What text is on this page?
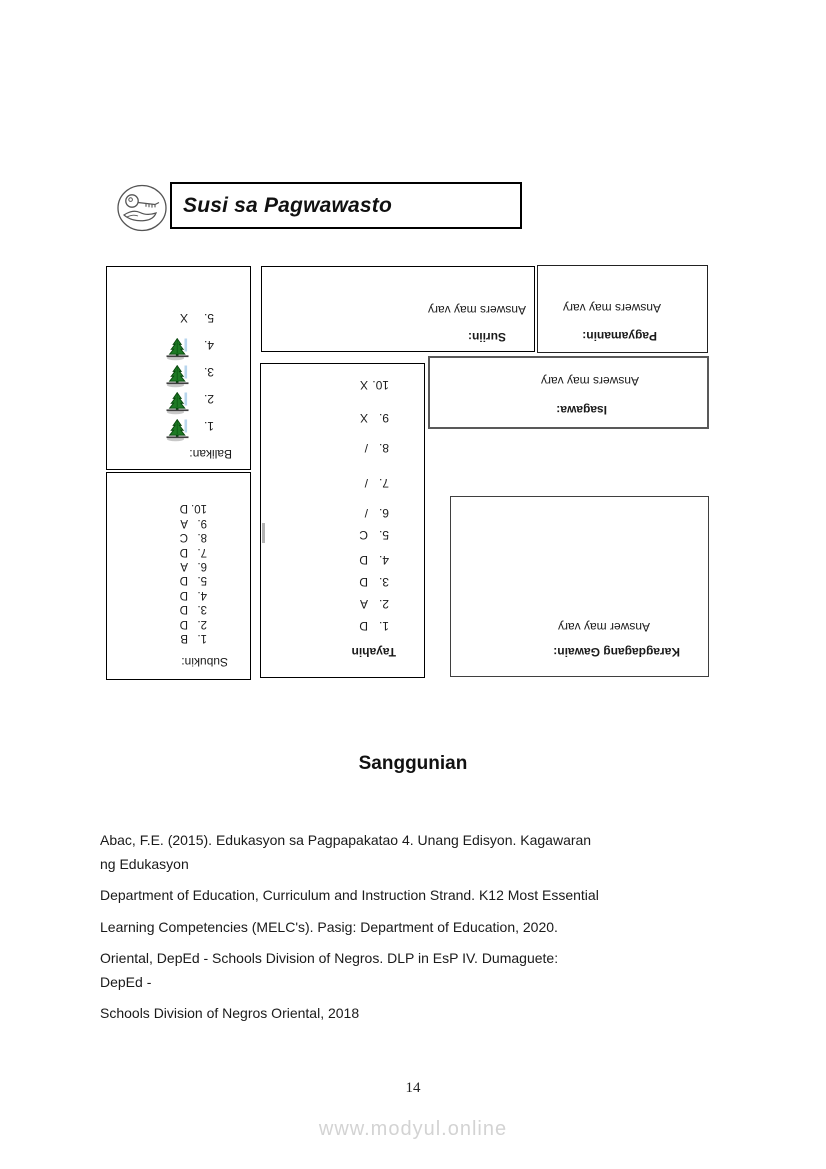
Susi sa Pagwawasto
Balikan:
1.
2.
3.
4.
5.
X
Subukin:
1.
B
2.
D
3.
D
4.
D
5.
D
6.
A
7.
D
8.
C
9.
A
10.
D
Tayahin
1.
D
2.
A
3.
D
4.
D
5.
C
6.
/
7.
/
8.
/
9.
X
10.
X
Suriin:
Answers may vary
Pagyamanin:
Answers may vary
Isagawa:
Answers may vary
Karagdagang Gawain:
Answer may vary
Sanggunian
Abac, F.E. (2015). Edukasyon sa Pagpapakatao 4. Unang Edisyon. Kagawaran
ng Edukasyon
Department of Education, Curriculum and Instruction Strand. K12 Most Essential
Learning Competencies (MELC's). Pasig: Department of Education, 2020.
Oriental, DepEd - Schools Division of Negros. DLP in EsP IV. Dumaguete:
DepEd -
Schools Division of Negros Oriental, 2018
14
www.modyul.online
